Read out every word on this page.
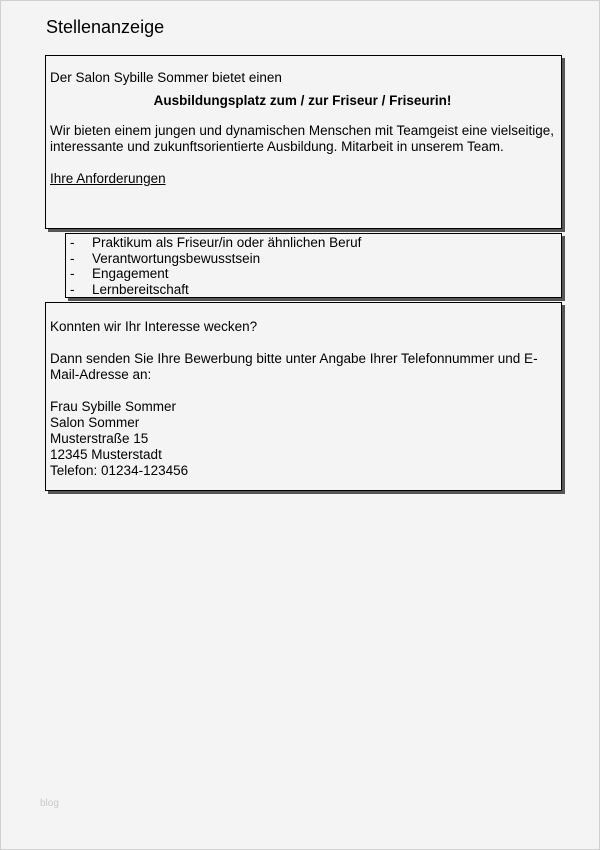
Stellenanzeige

Der Salon Sybille Sommer bietet einen

Ausbildungsplatz zum / zur Friseur / Friseurin!

Wir bieten einem jungen und dynamischen Menschen mit Teamgeist eine vielseitige, interessante und zukunftsorientierte Ausbildung. Mitarbeit in unserem Team.

Ihre Anforderungen

-	Praktikum als Friseur/in oder ähnlichen Beruf
-	Verantwortungsbewusstsein
-	Engagement
-	Lernbereitschaft

Konnten wir Ihr Interesse wecken?

Dann senden Sie Ihre Bewerbung bitte unter Angabe Ihrer Telefonnummer und E-Mail-Adresse an:

Frau Sybille Sommer

Salon Sommer

Musterstraße 15

12345 Musterstadt

Telefon: 01234-123456

blog
